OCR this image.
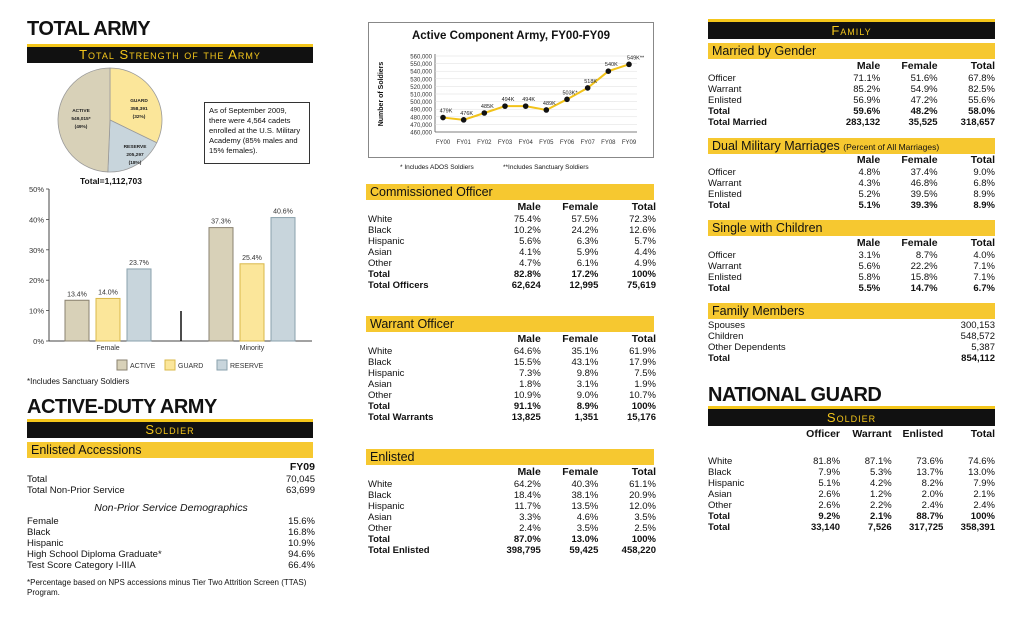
TOTAL ARMY
Total Strength of the Army
GUARD
358,391
(32%)
RESERVE
205,297
(18%)
ACTIVE
549,015*
(49%)
Total=1,112,703
As of September 2009, there were 4,564 cadets enrolled at the U.S. Military Academy (85% males and 15% females).
0%
10%
20%
30%
40%
50%
13.4%
37.3%
14.0%
25.4%
23.7%
40.6%
Female	Minority
ACTIVE	GUARD	RESERVE
*Includes Sanctuary Soldiers
ACTIVE-DUTY ARMY
Soldier
Enlisted Accessions
	FY09
Total	70,045
Total Non-Prior Service	63,699
Non-Prior Service Demographics
Female	15.6%
Black	16.8%
Hispanic	10.9%
High School Diploma Graduate*	94.6%
Test Score Category I-IIIA	66.4%
*Percentage based on NPS accessions minus Tier Two Attrition Screen (TTAS) Program.
Active Component Army, FY00-FY09
Number of Soldiers
460,000
470,000
480,000
490,000
500,000
510,000
520,000
530,000
540,000
550,000
560,000
479K
FY00
476K
FY01
485K
FY02
494K
FY03
494K
FY04
489K
FY05
503K*
FY06
518K
FY07
540K
FY08
549K**
FY09
* Includes ADOS Soldiers	**Includes Sanctuary Soldiers
Commissioned Officer
	Male	Female	Total
White	75.4%	57.5%	72.3%
Black	10.2%	24.2%	12.6%
Hispanic	5.6%	6.3%	5.7%
Asian	4.1%	5.9%	4.4%
Other	4.7%	6.1%	4.9%
Total	82.8%	17.2%	100%
Total Officers	62,624	12,995	75,619
Warrant Officer
	Male	Female	Total
White	64.6%	35.1%	61.9%
Black	15.5%	43.1%	17.9%
Hispanic	7.3%	9.8%	7.5%
Asian	1.8%	3.1%	1.9%
Other	10.9%	9.0%	10.7%
Total	91.1%	8.9%	100%
Total Warrants	13,825	1,351	15,176
Enlisted
	Male	Female	Total
White	64.2%	40.3%	61.1%
Black	18.4%	38.1%	20.9%
Hispanic	11.7%	13.5%	12.0%
Asian	3.3%	4.6%	3.5%
Other	2.4%	3.5%	2.5%
Total	87.0%	13.0%	100%
Total Enlisted	398,795	59,425	458,220
Family
Married by Gender
	Male	Female	Total
Officer	71.1%	51.6%	67.8%
Warrant	85.2%	54.9%	82.5%
Enlisted	56.9%	47.2%	55.6%
Total	59.6%	48.2%	58.0%
Total Married	283,132	35,525	318,657
Dual Military Marriages (Percent of All Marriages)
	Male	Female	Total
Officer	4.8%	37.4%	9.0%
Warrant	4.3%	46.8%	6.8%
Enlisted	5.2%	39.5%	8.9%
Total	5.1%	39.3%	8.9%
Single with Children
	Male	Female	Total
Officer	3.1%	8.7%	4.0%
Warrant	5.6%	22.2%	7.1%
Enlisted	5.8%	15.8%	7.1%
Total	5.5%	14.7%	6.7%
Family Members
Spouses	300,153
Children	548,572
Other Dependents	5,387
Total	854,112
NATIONAL GUARD
Soldier
	Officer	Warrant	Enlisted	Total

White	81.8%	87.1%	73.6%	74.6%
Black	7.9%	5.3%	13.7%	13.0%
Hispanic	5.1%	4.2%	8.2%	7.9%
Asian	2.6%	1.2%	2.0%	2.1%
Other	2.6%	2.2%	2.4%	2.4%
Total	9.2%	2.1%	88.7%	100%
Total	33,140	7,526	317,725	358,391
